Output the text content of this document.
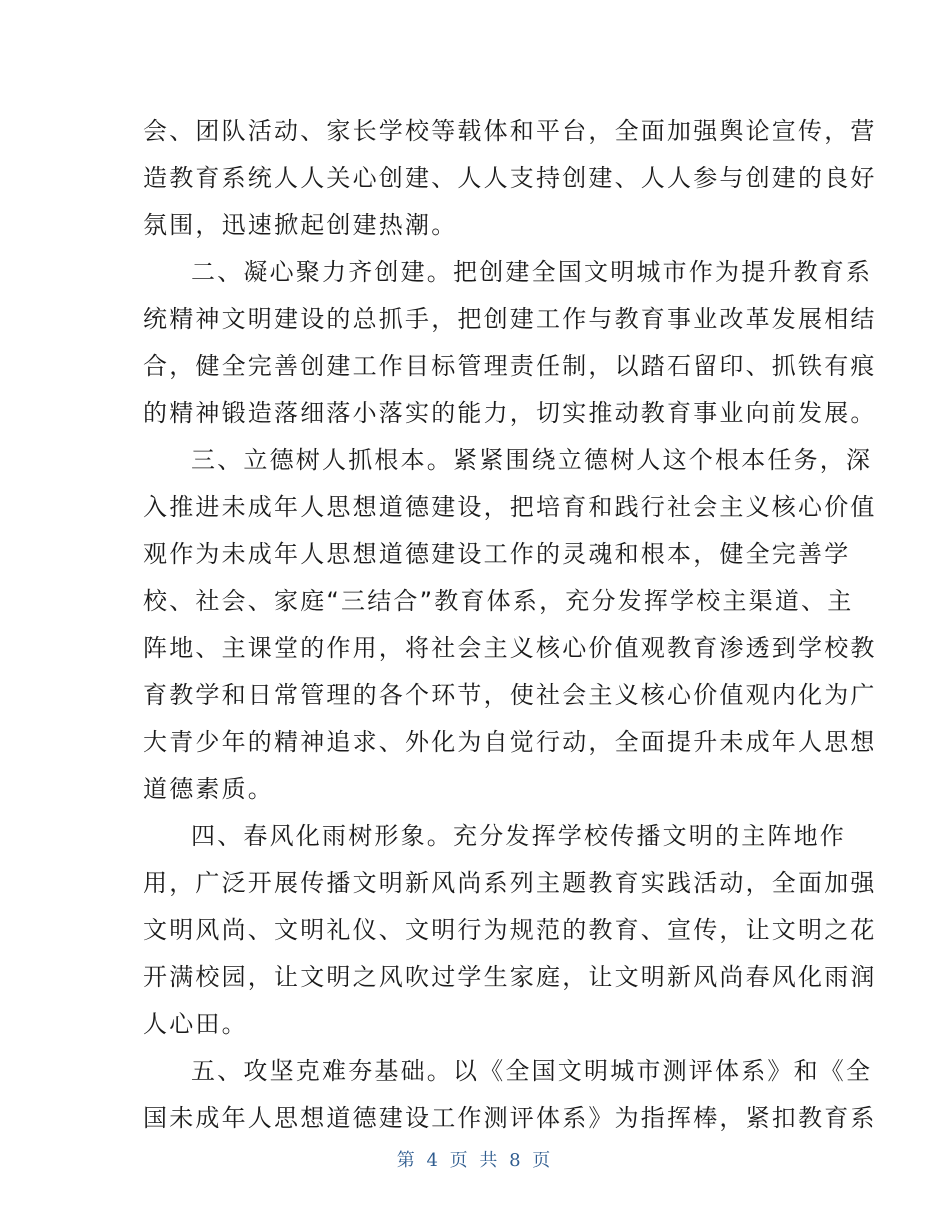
会、团队活动、家长学校等载体和平台，全面加强舆论宣传，营
造教育系统人人关心创建、人人支持创建、人人参与创建的良好
氛围，迅速掀起创建热潮。
二、凝心聚力齐创建。把创建全国文明城市作为提升教育系
统精神文明建设的总抓手，把创建工作与教育事业改革发展相结
合，健全完善创建工作目标管理责任制，以踏石留印、抓铁有痕
的精神锻造落细落小落实的能力，切实推动教育事业向前发展。
三、立德树人抓根本。紧紧围绕立德树人这个根本任务，深
入推进未成年人思想道德建设，把培育和践行社会主义核心价值
观作为未成年人思想道德建设工作的灵魂和根本，健全完善学
校、社会、家庭“三结合”教育体系，充分发挥学校主渠道、主
阵地、主课堂的作用，将社会主义核心价值观教育渗透到学校教
育教学和日常管理的各个环节，使社会主义核心价值观内化为广
大青少年的精神追求、外化为自觉行动，全面提升未成年人思想
道德素质。
四、春风化雨树形象。充分发挥学校传播文明的主阵地作
用，广泛开展传播文明新风尚系列主题教育实践活动，全面加强
文明风尚、文明礼仪、文明行为规范的教育、宣传，让文明之花
开满校园，让文明之风吹过学生家庭，让文明新风尚春风化雨润
人心田。
五、攻坚克难夯基础。以《全国文明城市测评体系》和《全
国未成年人思想道德建设工作测评体系》为指挥棒，紧扣教育系
第 4 页 共 8 页
